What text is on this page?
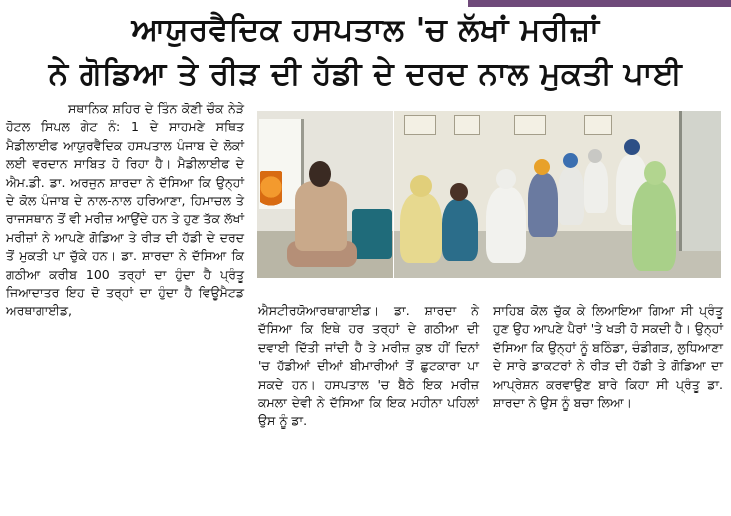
ਆਯੁਰਵੈਦਿਕ ਹਸਪਤਾਲ 'ਚ ਲੱਖਾਂ ਮਰੀਜ਼ਾਂ
ਨੇ ਗੋਡਿਆ ਤੇ ਰੀੜ ਦੀ ਹੱਡੀ ਦੇ ਦਰਦ ਨਾਲ ਮੁਕਤੀ ਪਾਈ

ਸਥਾਨਿਕ ਸ਼ਹਿਰ ਦੇ ਤਿੰਨ ਕੋਣੀ ਚੌਕ ਨੇੜੇ ਹੋਟਲ ਸਿਪਲ ਗੇਟ ਨੰ: 1 ਦੇ ਸਾਹਮਣੇ ਸਥਿਤ ਮੈਡੀਲਾਈਫ ਆਯੁਰਵੈਦਿਕ ਹਸਪਤਾਲ ਪੰਜਾਬ ਦੇ ਲੋਕਾਂ ਲਈ ਵਰਦਾਨ ਸਾਬਿਤ ਹੋ ਰਿਹਾ ਹੈ। ਮੈਡੀਲਾਈਫ ਦੇ ਐਮ.ਡੀ. ਡਾ. ਅਰਜੁਨ ਸ਼ਾਰਦਾ ਨੇ ਦੱਸਿਆ ਕਿ ਉਨ੍ਹਾਂ ਦੇ ਕੋਲ ਪੰਜਾਬ ਦੇ ਨਾਲ-ਨਾਲ ਹਰਿਆਣਾ, ਹਿਮਾਚਲ ਤੇ ਰਾਜਸਥਾਨ ਤੋਂ ਵੀ ਮਰੀਜ਼ ਆਉਂਦੇ ਹਨ ਤੇ ਹੁਣ ਤੱਕ ਲੱਖਾਂ ਮਰੀਜ਼ਾਂ ਨੇ ਆਪਣੇ ਗੋਡਿਆ ਤੇ ਰੀੜ ਦੀ ਹੱਡੀ ਦੇ ਦਰਦ ਤੋਂ ਮੁਕਤੀ ਪਾ ਚੁੱਕੇ ਹਨ। ਡਾ. ਸ਼ਾਰਦਾ ਨੇ ਦੱਸਿਆ ਕਿ ਗਠੀਆ ਕਰੀਬ 100 ਤਰ੍ਹਾਂ ਦਾ ਹੁੰਦਾ ਹੈ ਪ੍ਰੰਤੂ ਜਿਆਦਾਤਰ ਇਹ ਦੋ ਤਰ੍ਹਾਂ ਦਾ ਹੁੰਦਾ ਹੈ ਵਿਊਮੈਟਡ ਅਰਥਾਗਾਈਡ,	ਐਸਟੀਰਯੋਆਰਥਾਗਾਈਡ। ਡਾ. ਸ਼ਾਰਦਾ ਨੇ ਦੱਸਿਆ ਕਿ ਇਥੇ ਹਰ ਤਰ੍ਹਾਂ ਦੇ ਗਠੀਆ ਦੀ ਦਵਾਈ ਦਿੱਤੀ ਜਾਂਦੀ ਹੈ ਤੇ ਮਰੀਜ਼ ਕੁਝ ਹੀਂ ਦਿਨਾਂ 'ਚ ਹੱਡੀਆਂ ਦੀਆਂ ਬੀਮਾਰੀਆਂ ਤੋਂ ਛੁਟਕਾਰਾ ਪਾ ਸਕਦੇ ਹਨ। ਹਸਪਤਾਲ 'ਚ ਬੈਠੇ ਇਕ ਮਰੀਜ਼ ਕਮਲਾ ਦੇਵੀ ਨੇ ਦੱਸਿਆ ਕਿ ਇਕ ਮਹੀਨਾ ਪਹਿਲਾਂ ਉਸ ਨੂੰ ਡਾ.
ਸਾਹਿਬ ਕੋਲ ਚੁੱਕ ਕੇ ਲਿਆਇਆ ਗਿਆ ਸੀ ਪ੍ਰੰਤੂ ਹੁਣ ਉਹ ਆਪਣੇ ਪੈਰਾਂ 'ਤੇ ਖੜੀ ਹੋ ਸਕਦੀ ਹੈ। ਉਨ੍ਹਾਂ ਦੱਸਿਆ ਕਿ ਉਨ੍ਹਾਂ ਨੂੰ ਬਠਿੰਡਾ, ਚੰਡੀਗੜ, ਲੁਧਿਆਣਾ ਦੇ ਸਾਰੇ ਡਾਕਟਰਾਂ ਨੇ ਰੀੜ ਦੀ ਹੱਡੀ ਤੇ ਗੋਡਿਆ ਦਾ ਆਪ੍ਰੇਸ਼ਨ ਕਰਵਾਉਣ ਬਾਰੇ ਕਿਹਾ ਸੀ ਪ੍ਰੰਤੂ ਡਾ. ਸ਼ਾਰਦਾ ਨੇ ਉਸ ਨੂੰ ਬਚਾ ਲਿਆ।
